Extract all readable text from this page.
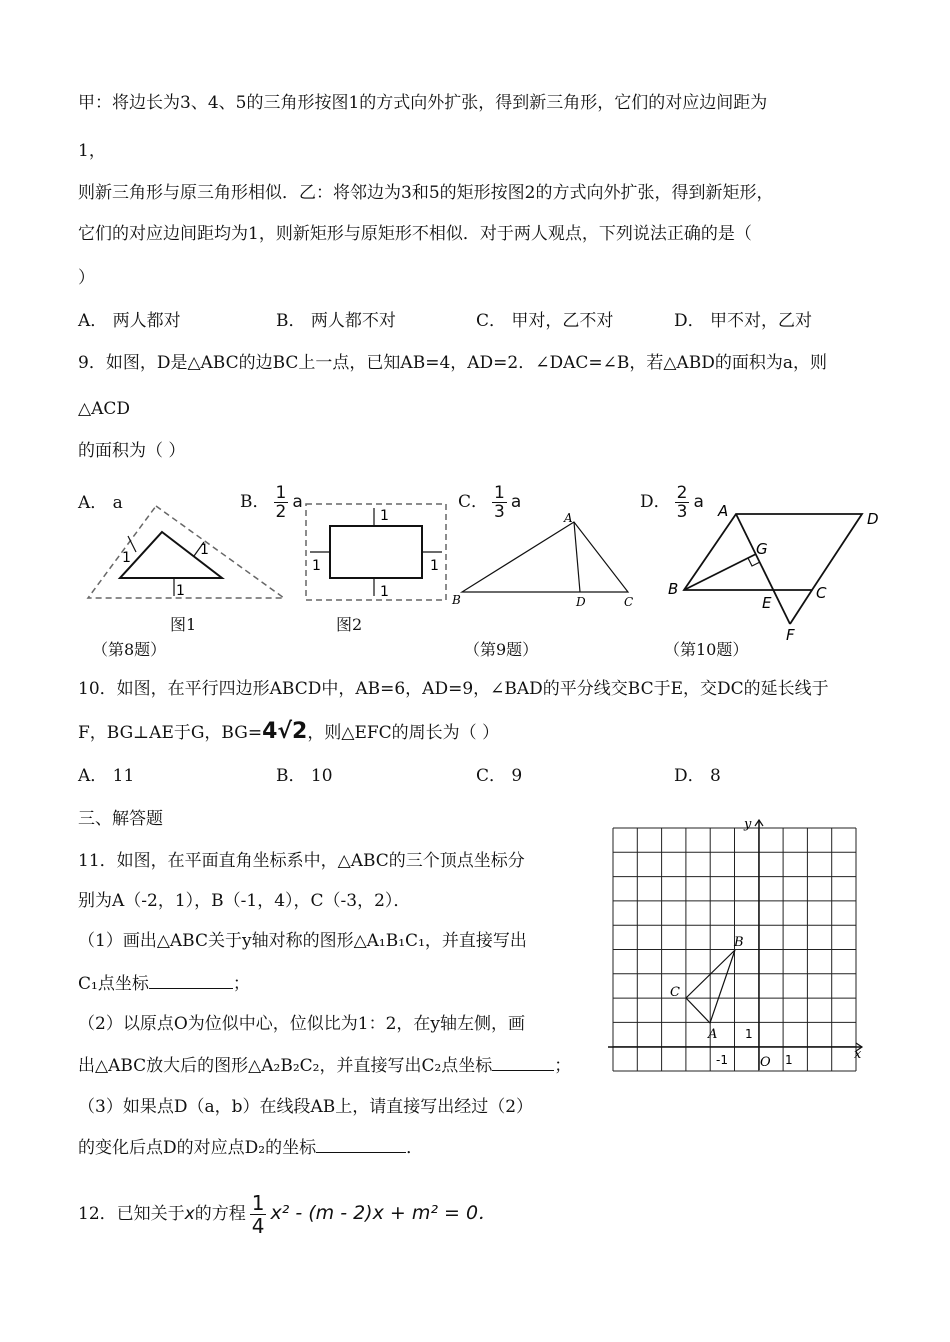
甲：将边长为3、4、5的三角形按图1的方式向外扩张，得到新三角形，它们的对应边间距为
1，
则新三角形与原三角形相似．乙：将邻边为3和5的矩形按图2的方式向外扩张，得到新矩形，
它们的对应边间距均为1，则新矩形与原矩形不相似．对于两人观点，下列说法正确的是（
）
A． 两人都对	B． 两人都不对	C． 甲对，乙不对	D． 甲不对，乙对
9．如图，D是△ABC的边BC上一点，已知AB=4，AD=2．∠DAC=∠B，若△ABD的面积为a，则
△ACD
的面积为（ ）
A． a	B． $\frac{1}{2}$ a	C． $\frac{1}{3}$ a	D． $\frac{2}{3}$ a
1	1
1
图1
1
1
1	1
图2
A
B	D	C
A	D
G
B
E
C
F
（第8题）	（第9题）	（第10题）
10．如图，在平行四边形ABCD中，AB=6，AD=9，∠BAD的平分线交BC于E，交DC的延长线于
F，BG⊥AE于G，BG=4√2，则△EFC的周长为（ ）
A． 11	B． 10	C． 9	D． 8
三、解答题
11．如图，在平面直角坐标系中，△ABC的三个顶点坐标分
别为A（-2，1），B（-1，4），C（-3，2）．
（1）画出△ABC关于y轴对称的图形△A₁B₁C₁，并直接写出
C₁点坐标	；
（2）以原点O为位似中心，位似比为1：2，在y轴左侧，画
出△ABC放大后的图形△A₂B₂C₂，并直接写出C₂点坐标	；
（3）如果点D（a，b）在线段AB上，请直接写出经过（2）
的变化后点D的对应点D₂的坐标	．
x
y
O 1
-1
1
A
B
C
12．已知关于x的方程 $\frac{1}{4} x^2 - (m - 2)x + m^2 = 0$．
